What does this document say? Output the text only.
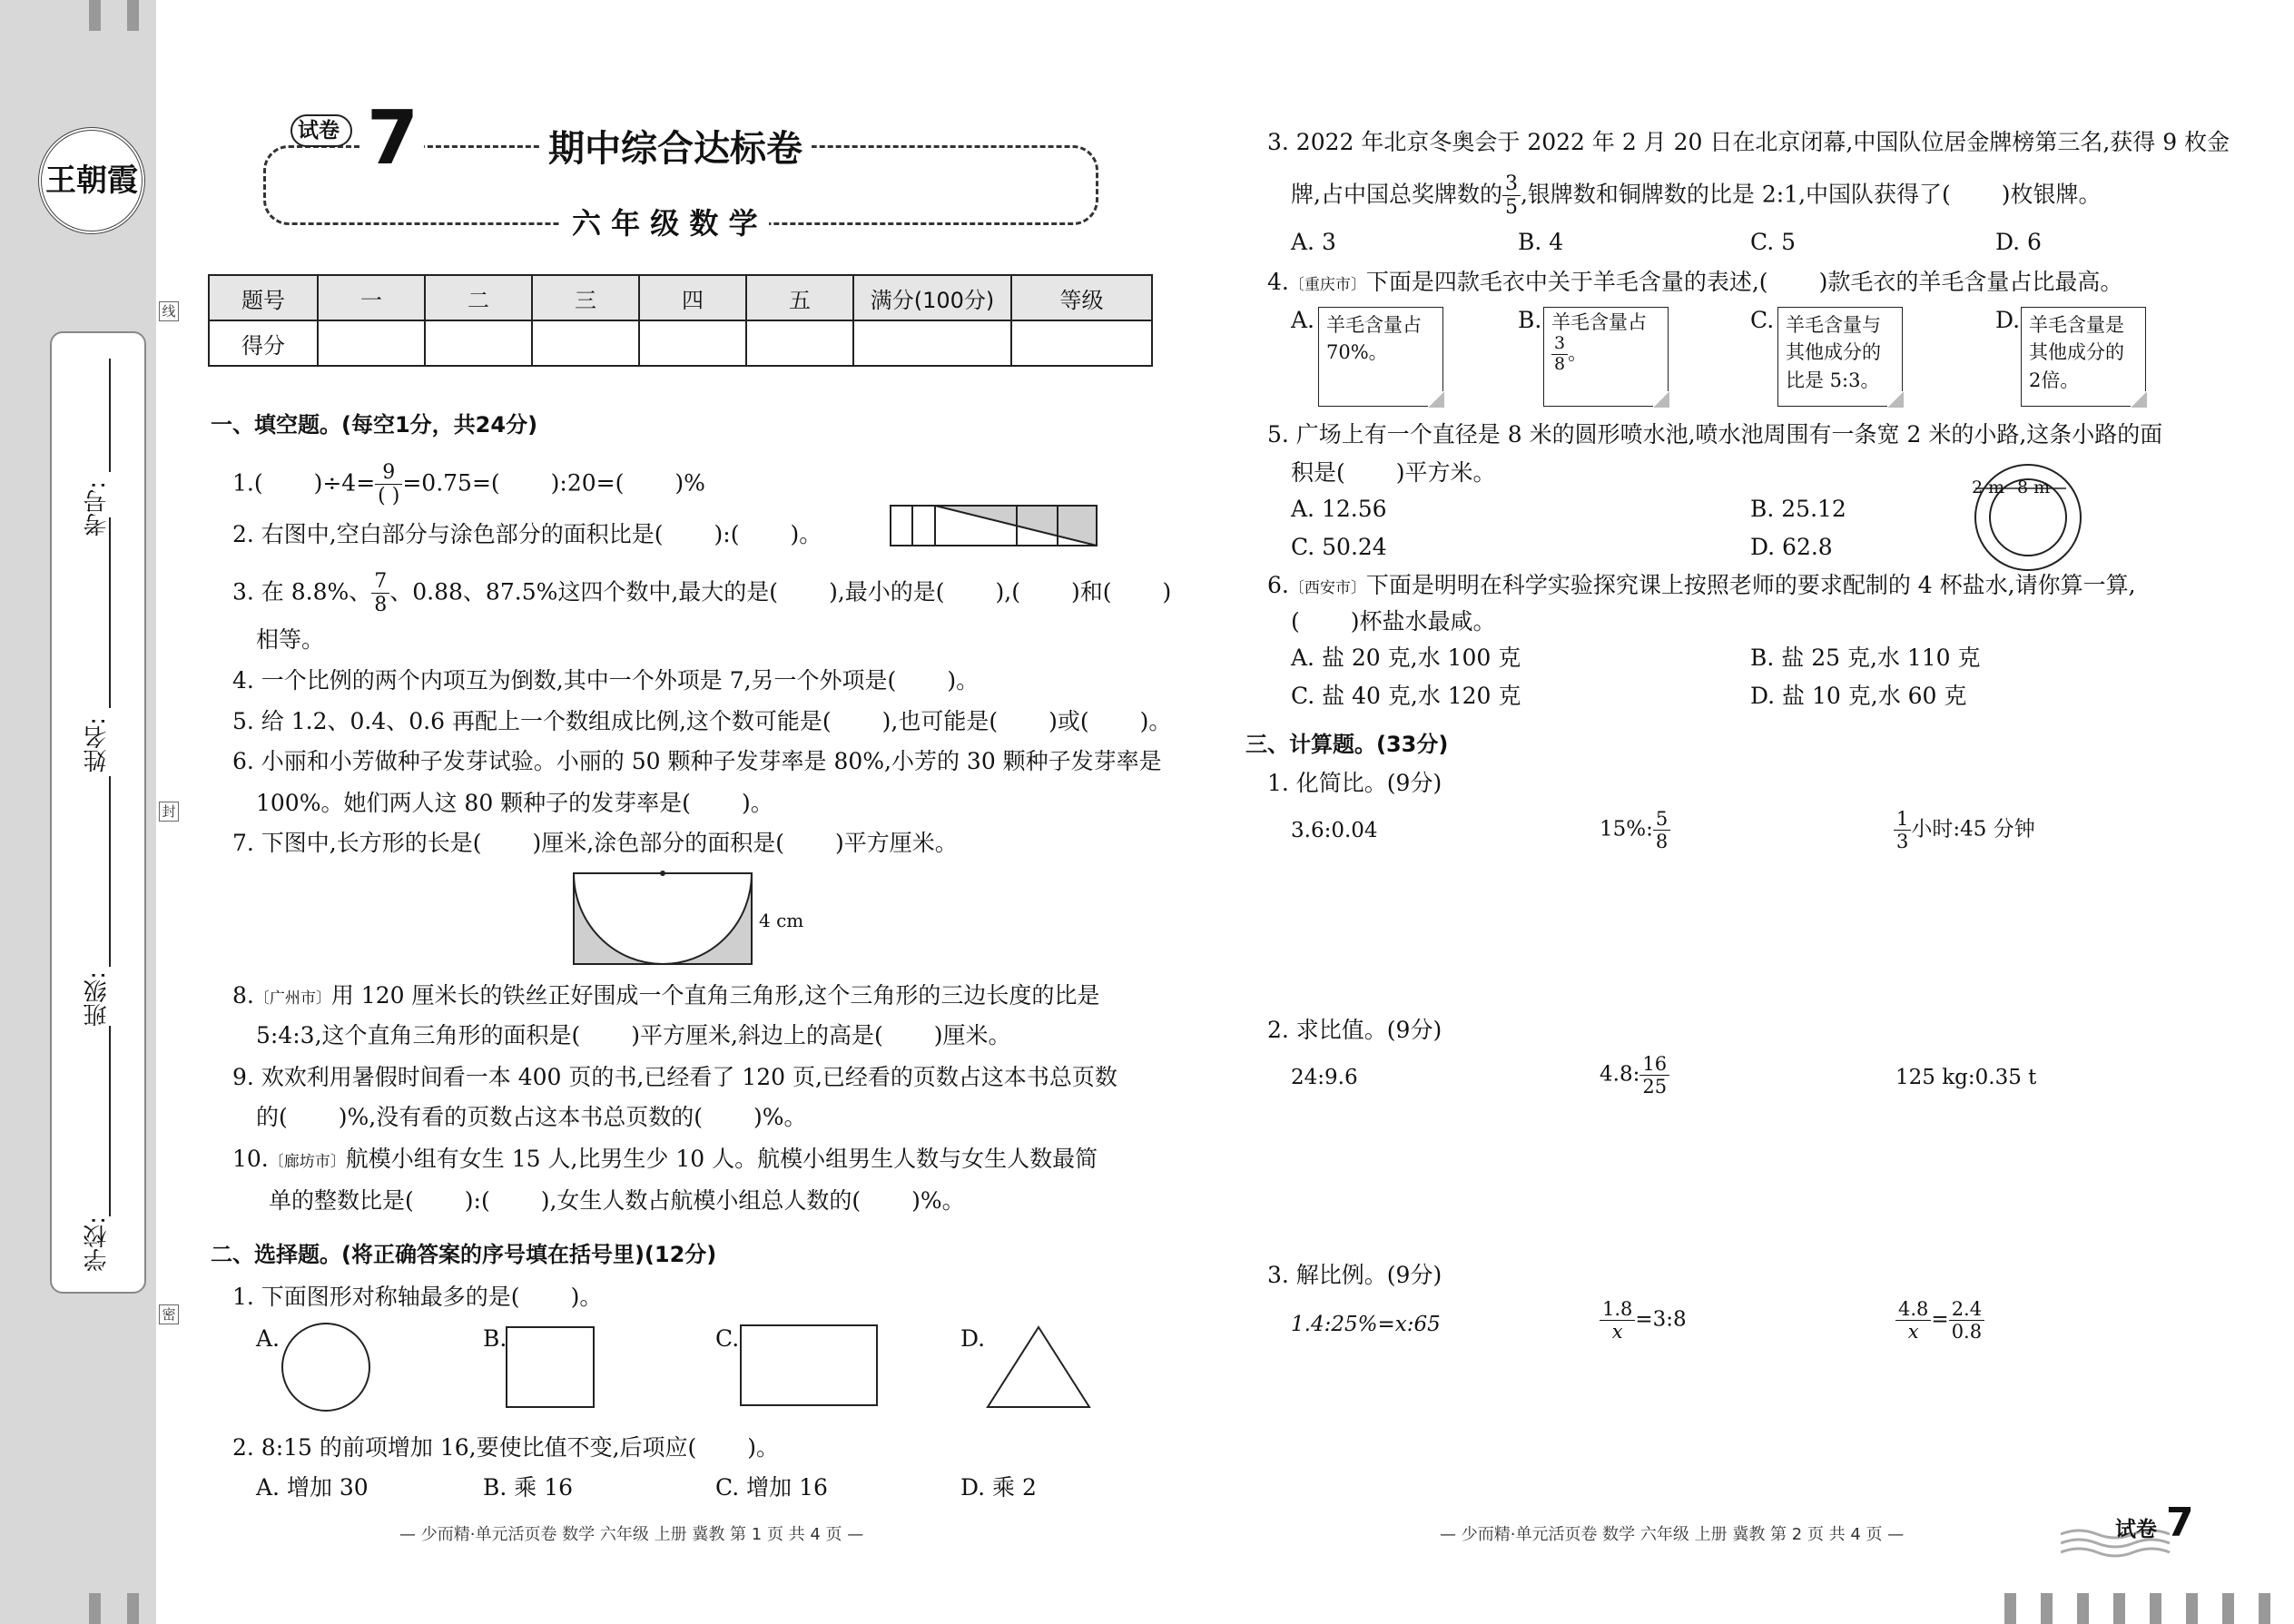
王朝霞
学校:
班级:
姓名:
考号:
线
封
密
试卷 7	期中综合达标卷
六 年 级 数 学
题号	一	二	三	四	五	满分(100分)	等级
得分							
一、填空题。(每空1分，共24分)
1.( )$\div 4= \frac{9}{( )} =0.75=$( ):20=( )%
2. 右图中,空白部分与涂色部分的面积比是( ):( )。
3. 在 8.8%、 $\frac{7}{8}$ 、0.88、87.5%这四个数中,最大的是( ),最小的是( ),( )和( )
相等。
4. 一个比例的两个内项互为倒数,其中一个外项是 7,另一个外项是( )。
5. 给 1.2、0.4、0.6 再配上一个数组成比例,这个数可能是( ),也可能是( )或( )。
6. 小丽和小芳做种子发芽试验。小丽的 50 颗种子发芽率是 80%,小芳的 30 颗种子发芽率是
100%。她们两人这 80 颗种子的发芽率是( )。
7. 下图中,长方形的长是( )厘米,涂色部分的面积是( )平方厘米。
4 cm
8.〔广州市〕用 120 厘米长的铁丝正好围成一个直角三角形,这个三角形的三边长度的比是
5:4:3,这个直角三角形的面积是( )平方厘米,斜边上的高是( )厘米。
9. 欢欢利用暑假时间看一本 400 页的书,已经看了 120 页,已经看的页数占这本书总页数
的( )%,没有看的页数占这本书总页数的( )%。
10.〔廊坊市〕航模小组有女生 15 人,比男生少 10 人。航模小组男生人数与女生人数最简
单的整数比是( ):( ),女生人数占航模小组总人数的( )%。
二、选择题。(将正确答案的序号填在括号里)(12分)
1. 下面图形对称轴最多的是( )。
A.	B.	C.	D.
2. 8:15 的前项增加 16,要使比值不变,后项应( )。
A. 增加 30	B. 乘 16	C. 增加 16	D. 乘 2
— 少而精·单元活页卷 数学 六年级 上册 冀教 第 1 页 共 4 页 —
3. 2022 年北京冬奥会于 2022 年 2 月 20 日在北京闭幕,中国队位居金牌榜第三名,获得 9 枚金
牌,占中国总奖牌数的 $\frac{3}{5}$ ,银牌数和铜牌数的比是 2:1,中国队获得了( )枚银牌。
A. 3	B. 4	C. 5	D. 6
4.〔重庆市〕下面是四款毛衣中关于羊毛含量的表述,( )款毛衣的羊毛含量占比最高。
A. 羊毛含量占
70%。
B. 羊毛含量占
$\frac{3}{8}$ 。
C. 羊毛含量与
其他成分的
比是 5:3。
D. 羊毛含量是
其他成分的
2倍。
5. 广场上有一个直径是 8 米的圆形喷水池,喷水池周围有一条宽 2 米的小路,这条小路的面
积是( )平方米。
A. 12.56	B. 25.12
C. 50.24	D. 62.8
2 m 8 m
6.〔西安市〕下面是明明在科学实验探究课上按照老师的要求配制的 4 杯盐水,请你算一算,
( )杯盐水最咸。
A. 盐 20 克,水 100 克	B. 盐 25 克,水 110 克
C. 盐 40 克,水 120 克	D. 盐 10 克,水 60 克
三、计算题。(33分)
1. 化简比。(9分)
3.6:0.04	15%: $\frac{5}{8}$	$\frac{1}{3}$ 小时:45 分钟
2. 求比值。(9分)
24:9.6	4.8: $\frac{16}{25}$	125 kg:0.35 t
3. 解比例。(9分)
1.4:25%=x:65	$\frac{1.8}{x}$ =3:8	$\frac{4.8}{x} = \frac{2.4}{0.8}$
— 少而精·单元活页卷 数学 六年级 上册 冀教 第 2 页 共 4 页 —	试卷 7
